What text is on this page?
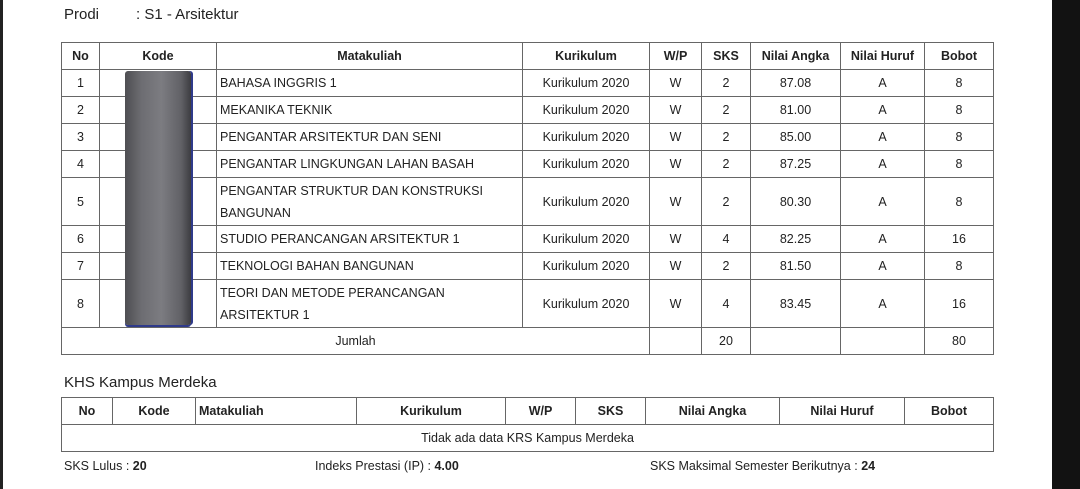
Prodi : S1 - Arsitektur
No	Kode	Matakuliah	Kurikulum	W/P	SKS	Nilai Angka	Nilai Huruf	Bobot
1		BAHASA INGGRIS 1	Kurikulum 2020	W	2	87.08	A	8
2		MEKANIKA TEKNIK	Kurikulum 2020	W	2	81.00	A	8
3		PENGANTAR ARSITEKTUR DAN SENI	Kurikulum 2020	W	2	85.00	A	8
4		PENGANTAR LINGKUNGAN LAHAN BASAH	Kurikulum 2020	W	2	87.25	A	8
5		PENGANTAR STRUKTUR DAN KONSTRUKSI BANGUNAN	Kurikulum 2020	W	2	80.30	A	8
6		STUDIO PERANCANGAN ARSITEKTUR 1	Kurikulum 2020	W	4	82.25	A	16
7		TEKNOLOGI BAHAN BANGUNAN	Kurikulum 2020	W	2	81.50	A	8
8		TEORI DAN METODE PERANCANGAN ARSITEKTUR 1	Kurikulum 2020	W	4	83.45	A	16
Jumlah					20			80
KHS Kampus Merdeka
No	Kode	Matakuliah	Kurikulum	W/P	SKS	Nilai Angka	Nilai Huruf	Bobot
Tidak ada data KRS Kampus Merdeka
SKS Lulus : 20	Indeks Prestasi (IP) : 4.00	SKS Maksimal Semester Berikutnya : 24
